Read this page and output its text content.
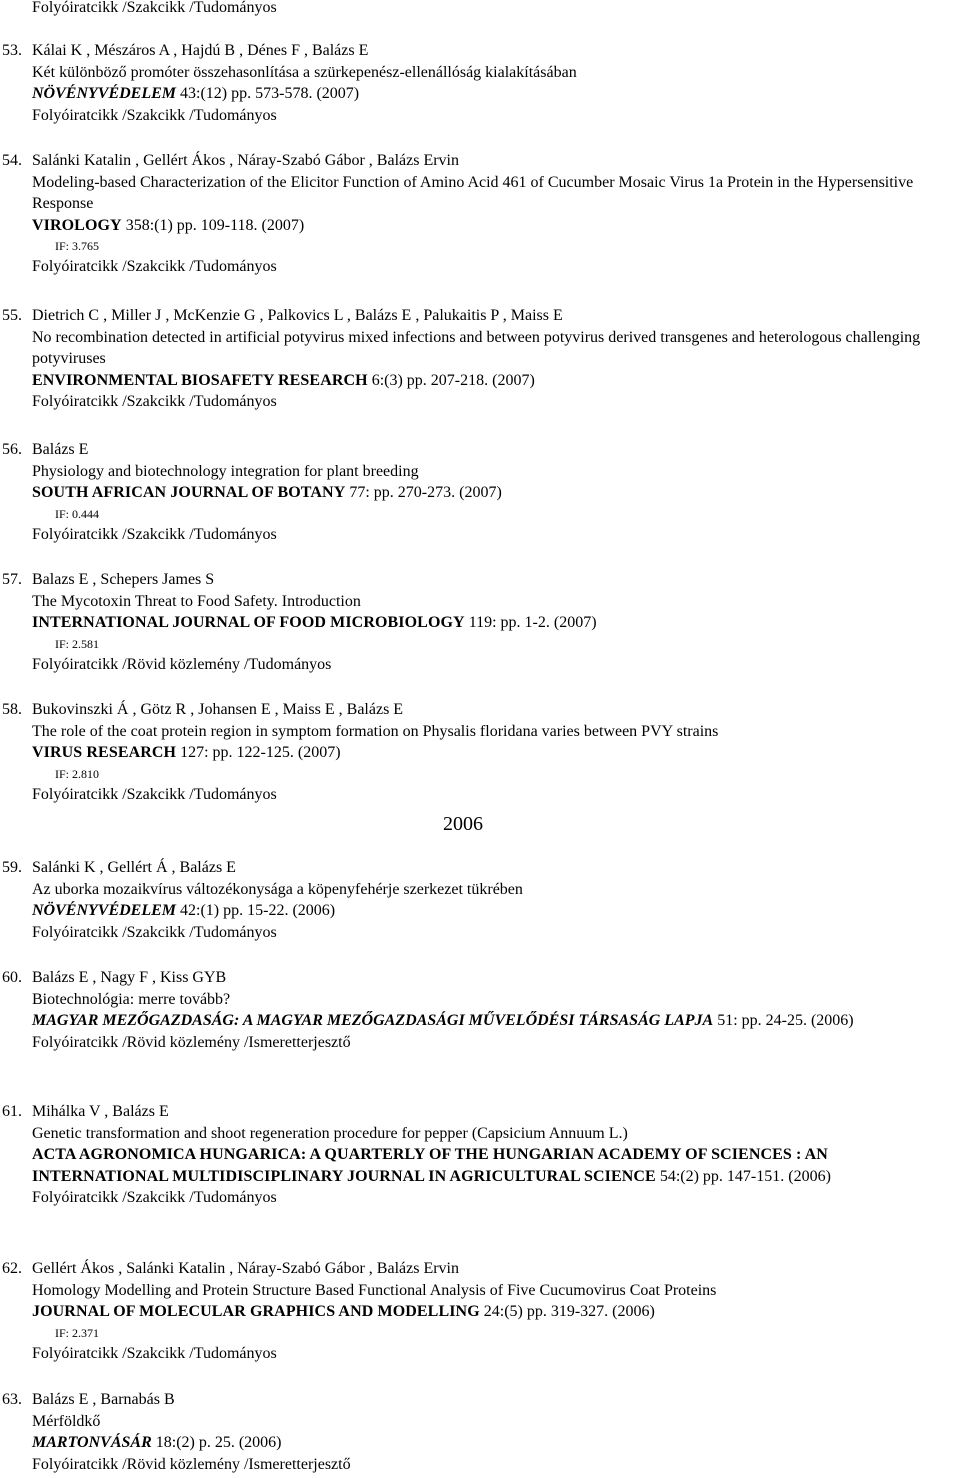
Folyóiratcikk /Szakcikk /Tudományos
53. Kálai K , Mészáros A , Hajdú B , Dénes F , Balázs E
Két különböző promóter összehasonlítása a szürkepenész-ellenállóság kialakításában
NÖVÉNYVÉDELEM 43:(12) pp. 573-578. (2007)
Folyóiratcikk /Szakcikk /Tudományos
54. Salánki Katalin , Gellért Ákos , Náray-Szabó Gábor , Balázs Ervin
Modeling-based Characterization of the Elicitor Function of Amino Acid 461 of Cucumber Mosaic Virus 1a Protein in the Hypersensitive Response
VIROLOGY 358:(1) pp. 109-118. (2007)
IF: 3.765
Folyóiratcikk /Szakcikk /Tudományos
55. Dietrich C , Miller J , McKenzie G , Palkovics L , Balázs E , Palukaitis P , Maiss E
No recombination detected in artificial potyvirus mixed infections and between potyvirus derived transgenes and heterologous challenging potyviruses
ENVIRONMENTAL BIOSAFETY RESEARCH 6:(3) pp. 207-218. (2007)
Folyóiratcikk /Szakcikk /Tudományos
56. Balázs E
Physiology and biotechnology integration for plant breeding
SOUTH AFRICAN JOURNAL OF BOTANY 77: pp. 270-273. (2007)
IF: 0.444
Folyóiratcikk /Szakcikk /Tudományos
57. Balazs E , Schepers James S
The Mycotoxin Threat to Food Safety. Introduction
INTERNATIONAL JOURNAL OF FOOD MICROBIOLOGY 119: pp. 1-2. (2007)
IF: 2.581
Folyóiratcikk /Rövid közlemény /Tudományos
58. Bukovinszki Á , Götz R , Johansen E , Maiss E , Balázs E
The role of the coat protein region in symptom formation on Physalis floridana varies between PVY strains
VIRUS RESEARCH 127: pp. 122-125. (2007)
IF: 2.810
Folyóiratcikk /Szakcikk /Tudományos
2006
59. Salánki K , Gellért Á , Balázs E
Az uborka mozaikvírus változékonysága a köpenyfehérje szerkezet tükrében
NÖVÉNYVÉDELEM 42:(1) pp. 15-22. (2006)
Folyóiratcikk /Szakcikk /Tudományos
60. Balázs E , Nagy F , Kiss GYB
Biotechnológia: merre tovább?
MAGYAR MEZŐGAZDASÁG: A MAGYAR MEZŐGAZDASÁGI MŰVELŐDÉSI TÁRSASÁG LAPJA 51: pp. 24-25. (2006)
Folyóiratcikk /Rövid közlemény /Ismeretterjesztő
61. Mihálka V , Balázs E
Genetic transformation and shoot regeneration procedure for pepper (Capsicium Annuum L.)
ACTA AGRONOMICA HUNGARICA: A QUARTERLY OF THE HUNGARIAN ACADEMY OF SCIENCES : AN INTERNATIONAL MULTIDISCIPLINARY JOURNAL IN AGRICULTURAL SCIENCE 54:(2) pp. 147-151. (2006)
Folyóiratcikk /Szakcikk /Tudományos
62. Gellért Ákos , Salánki Katalin , Náray-Szabó Gábor , Balázs Ervin
Homology Modelling and Protein Structure Based Functional Analysis of Five Cucumovirus Coat Proteins
JOURNAL OF MOLECULAR GRAPHICS AND MODELLING 24:(5) pp. 319-327. (2006)
IF: 2.371
Folyóiratcikk /Szakcikk /Tudományos
63. Balázs E , Barnabás B
Mérföldkő
MARTONVÁSÁR 18:(2) p. 25. (2006)
Folyóiratcikk /Rövid közlemény /Ismeretterjesztő
